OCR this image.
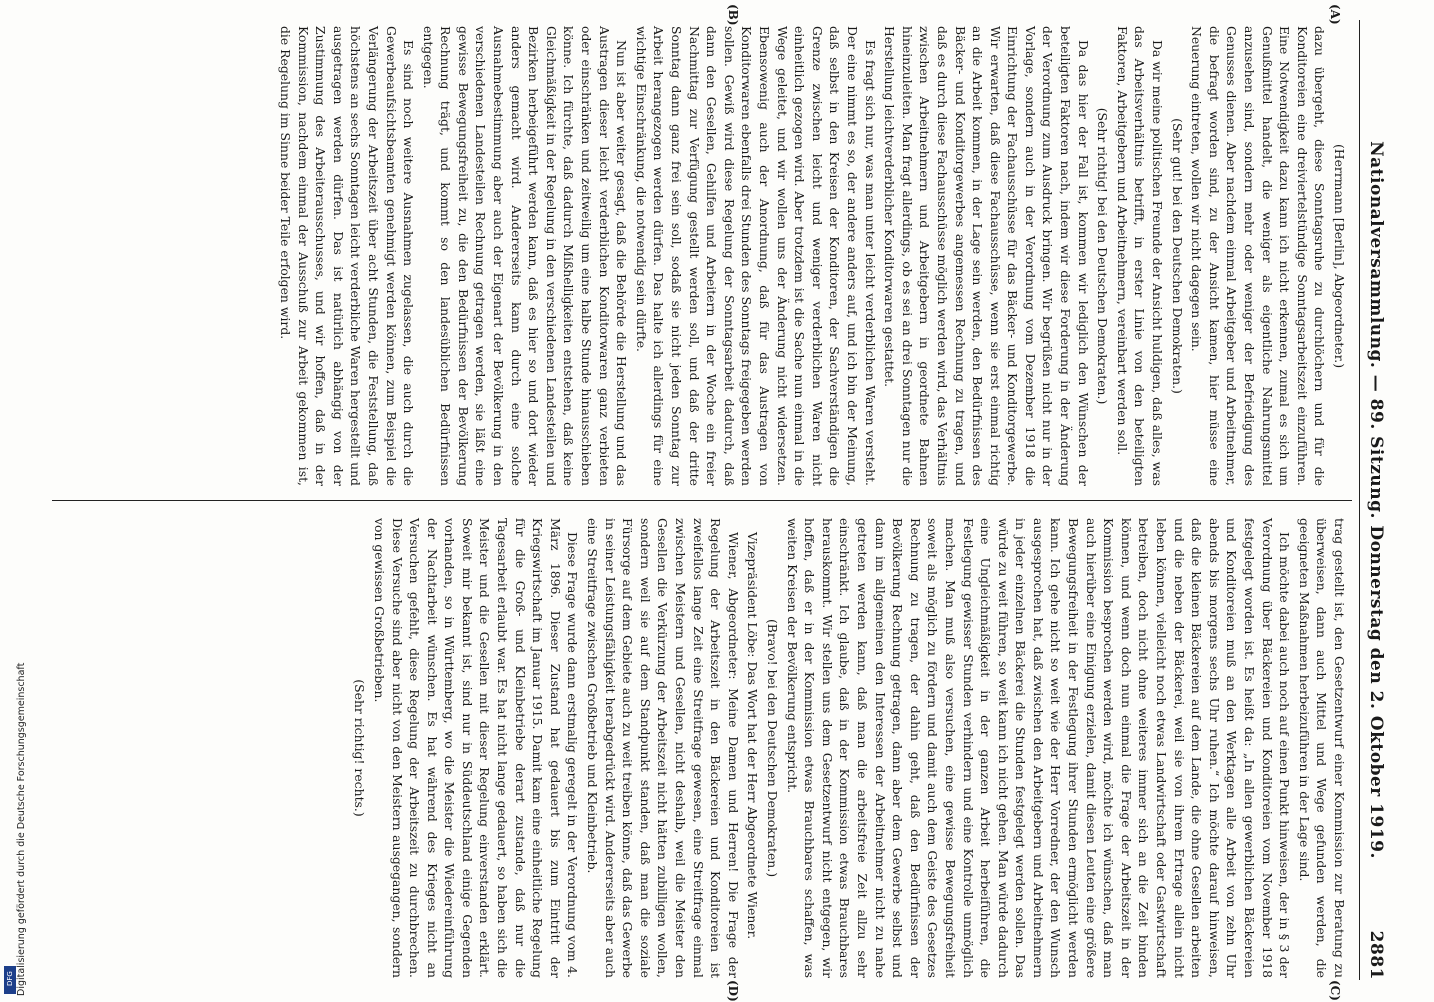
Nationalversammlung. — 89. Sitzung. Donnerstag den 2. Oktober 1919.
2881
(A)
(B)
(C)
(D)

(Herrmann [Berlin], Abgeordneter.)

dazu übergeht, diese Sonntagsruhe zu durchlöchern und für die Konditoreien eine dreiviertelstündige Sonntagsarbeitszeit einzuführen. Eine Notwendigkeit dazu kann ich nicht erkennen, zumal es sich um Genußmittel handelt, die weniger als eigentliche Nahrungsmittel anzusehen sind, sondern mehr oder weniger der Befriedigung des Genusses dienen. Aber nachdem einmal Arbeitgeber und Arbeitnehmer, die befragt worden sind, zu der Ansicht kamen, hier müsse eine Neuerung eintreten, wollen wir nicht dagegen sein.

(Sehr gut! bei den Deutschen Demokraten.)

Da wir meine politischen Freunde der Ansicht huldigen, daß alles, was das Arbeitsverhältnis betrifft, in erster Linie von den beteiligten Faktoren, Arbeitgebern und Arbeitnehmern, vereinbart werden soll.

(Sehr richtig! bei den Deutschen Demokraten.)

Da das hier der Fall ist, kommen wir lediglich den Wünschen der beteiligten Faktoren nach, indem wir diese Forderung in der Änderung der Verordnung zum Ausdruck bringen. Wir begrüßen nicht nur in der Vorlage, sondern auch in der Verordnung vom Dezember 1918 die Einrichtung der Fachausschüsse für das Bäcker- und Konditorgewerbe. Wir erwarten, daß diese Fachausschüsse, wenn sie erst einmal richtig an die Arbeit kommen, in der Lage sein werden, den Bedürfnissen des Bäcker- und Konditorgewerbes angemessen Rechnung zu tragen, und daß es durch diese Fachausschüsse möglich werden wird, das Verhältnis zwischen Arbeitnehmern und Arbeitgebern in geordnete Bahnen hineinzuleiten. Man fragt allerdings, ob es sei an drei Sonntagen nur die Herstellung leichtverderblicher Konditorwaren gestattet.

Es fragt sich nur, was man unter leicht verderblichen Waren versteht. Der eine nimmt es so, der andere anders auf, und ich bin der Meinung, daß selbst in den Kreisen der Konditoren, der Sachverständigen die Grenze zwischen leicht und weniger verderblichen Waren nicht einheitlich gezogen wird. Aber trotzdem ist die Sache nun einmal in die Wege geleitet, und wir wollen uns der Änderung nicht widersetzen. Ebensowenig auch der Anordnung, daß für das Austragen von Konditorwaren ebenfalls drei Stunden des Sonntags freigegeben werden sollen. Gewiß wird diese Regelung der Sonntagsarbeit dadurch, daß dann den Gesellen, Gehilfen und Arbeitern in der Woche ein freier Nachmittag zur Verfügung gestellt werden soll, und daß der dritte Sonntag dann ganz frei sein soll, sodaß sie nicht jeden Sonntag zur Arbeit herangezogen werden dürfen. Das halte ich allerdings für eine wichtige Einschränkung, die notwendig sein dürfte.

Nun ist aber weiter gesagt, daß die Behörde die Herstellung und das Austragen dieser leicht verderblichen Konditorwaren ganz verbieten oder einschränken und zeitweilig um eine halbe Stunde hinausschieben könne. Ich fürchte, daß dadurch Mißhelligkeiten entstehen, daß keine Gleichmäßigkeit in der Regelung in den verschiedenen Landesteilen und Bezirken herbeigeführt werden kann, daß es hier so und dort wieder anders gemacht wird. Andererseits kann durch eine solche Ausnahmebestimmung aber auch der Eigenart der Bevölkerung in den verschiedenen Landesteilen Rechnung getragen werden, sie läßt eine gewisse Bewegungsfreiheit zu, die den Bedürfnissen der Bevölkerung Rechnung trägt, und kommt so den landesüblichen Bedürfnissen entgegen.

Es sind noch weitere Ausnahmen zugelassen, die auch durch die Gewerbeaufsichtsbeamten genehmigt werden können, zum Beispiel die Verlängerung der Arbeitszeit über acht Stunden, die Feststellung, daß höchstens an sechs Sonntagen leicht verderbliche Waren hergestellt und ausgetragen werden dürfen. Das ist natürlich abhängig von der Zustimmung des Arbeiterausschusses, und wir hoffen, daß in der Kommission, nachdem einmal der Ausschuß zur Arbeit gekommen ist, die Regelung im Sinne beider Teile erfolgen wird.

trag gestellt ist, den Gesetzentwurf einer Kommission zur Beratung zu überweisen, dann auch Mittel und Wege gefunden werden, die geeigneten Maßnahmen herbeizuführen in der Lage sind.

Ich möchte dabei auch noch auf einen Punkt hinweisen, der in § 3 der Verordnung über Bäckereien und Konditoreien vom November 1918 festgelegt worden ist. Es heißt da: „In allen gewerblichen Bäckereien und Konditoreien muß an den Werktagen alle Arbeit von zehn Uhr abends bis morgens sechs Uhr ruhen.“ Ich möchte darauf hinweisen, daß die kleinen Bäckereien auf dem Lande, die ohne Gesellen arbeiten und die neben der Bäckerei, weil sie von ihrem Ertrage allein nicht leben können, vielleicht noch etwas Landwirtschaft oder Gastwirtschaft betreiben, doch nicht ohne weiteres immer sich an die Zeit binden können, und wenn doch nun einmal die Frage der Arbeitszeit in der Kommission besprochen werden wird, möchte ich wünschen, daß man auch hierüber eine Einigung erzielen, damit diesen Leuten eine größere Bewegungsfreiheit in der Festlegung ihrer Stunden ermöglicht werden kann. Ich gehe nicht so weit wie der Herr Vorredner, der den Wunsch ausgesprochen hat, daß zwischen den Arbeitgebern und Arbeitnehmern in jeder einzelnen Bäckerei die Stunden festgelegt werden sollen. Das würde zu weit führen, so weit kann ich nicht gehen. Man würde dadurch eine Ungleichmäßigkeit in der ganzen Arbeit herbeiführen, die Festlegung gewisser Stunden verhindern und eine Kontrolle unmöglich machen. Man muß also versuchen, eine gewisse Bewegungsfreiheit soweit als möglich zu fördern und damit auch dem Geiste des Gesetzes Rechnung zu tragen, der dahin geht, daß den Bedürfnissen der Bevölkerung Rechnung getragen, dann aber dem Gewerbe selbst und dann im allgemeinen den Interessen der Arbeitnehmer nicht zu nahe getreten werden kann, daß man die arbeitsfreie Zeit allzu sehr einschränkt. Ich glaube, daß in der Kommission etwas Brauchbares herauskommt. Wir stellen uns dem Gesetzentwurf nicht entgegen, wir hoffen, daß er in der Kommission etwas Brauchbares schaffen, was weiten Kreisen der Bevölkerung entspricht.

(Bravo! bei den Deutschen Demokraten.)

Vizepräsident Löbe: Das Wort hat der Herr Abgeordnete Wiener.

Wiener, Abgeordneter: Meine Damen und Herren! Die Frage der Regelung der Arbeitszeit in den Bäckereien und Konditoreien ist zweifellos lange Zeit eine Streitfrage gewesen, eine Streitfrage einmal zwischen Meistern und Gesellen, nicht deshalb, weil die Meister den Gesellen die Verkürzung der Arbeitszeit nicht hätten zubilligen wollen, sondern weil sie auf dem Standpunkt standen, daß man die soziale Fürsorge auf dem Gebiete auch zu weit treiben könne, daß das Gewerbe in seiner Leistungsfähigkeit herabgedrückt wird. Andererseits aber auch eine Streitfrage zwischen Großbetrieb und Kleinbetrieb.

Diese Frage wurde dann erstmalig geregelt in der Verordnung vom 4. März 1896. Dieser Zustand hat gedauert bis zum Eintritt der Kriegswirtschaft im Januar 1915. Damit kam eine einheitliche Regelung für die Groß- und Kleinbetriebe derart zustande, daß nur die Tagesarbeit erlaubt war. Es hat nicht lange gedauert, so haben sich die Meister und die Gesellen mit dieser Regelung einverstanden erklärt. Soweit mir bekannt ist, sind nur in Süddeutschland einige Gegenden vorhanden, so in Württemberg, wo die Meister die Wiedereinführung der Nachtarbeit wünschen. Es hat während des Krieges nicht an Versuchen gefehlt, diese Regelung der Arbeitszeit zu durchbrechen. Diese Versuche sind aber nicht von den Meistern ausgegangen, sondern von gewissen Großbetrieben.

(Sehr richtig! rechts.)

DFG Digitalisierung gefördert durch die Deutsche Forschungsgemeinschaft
